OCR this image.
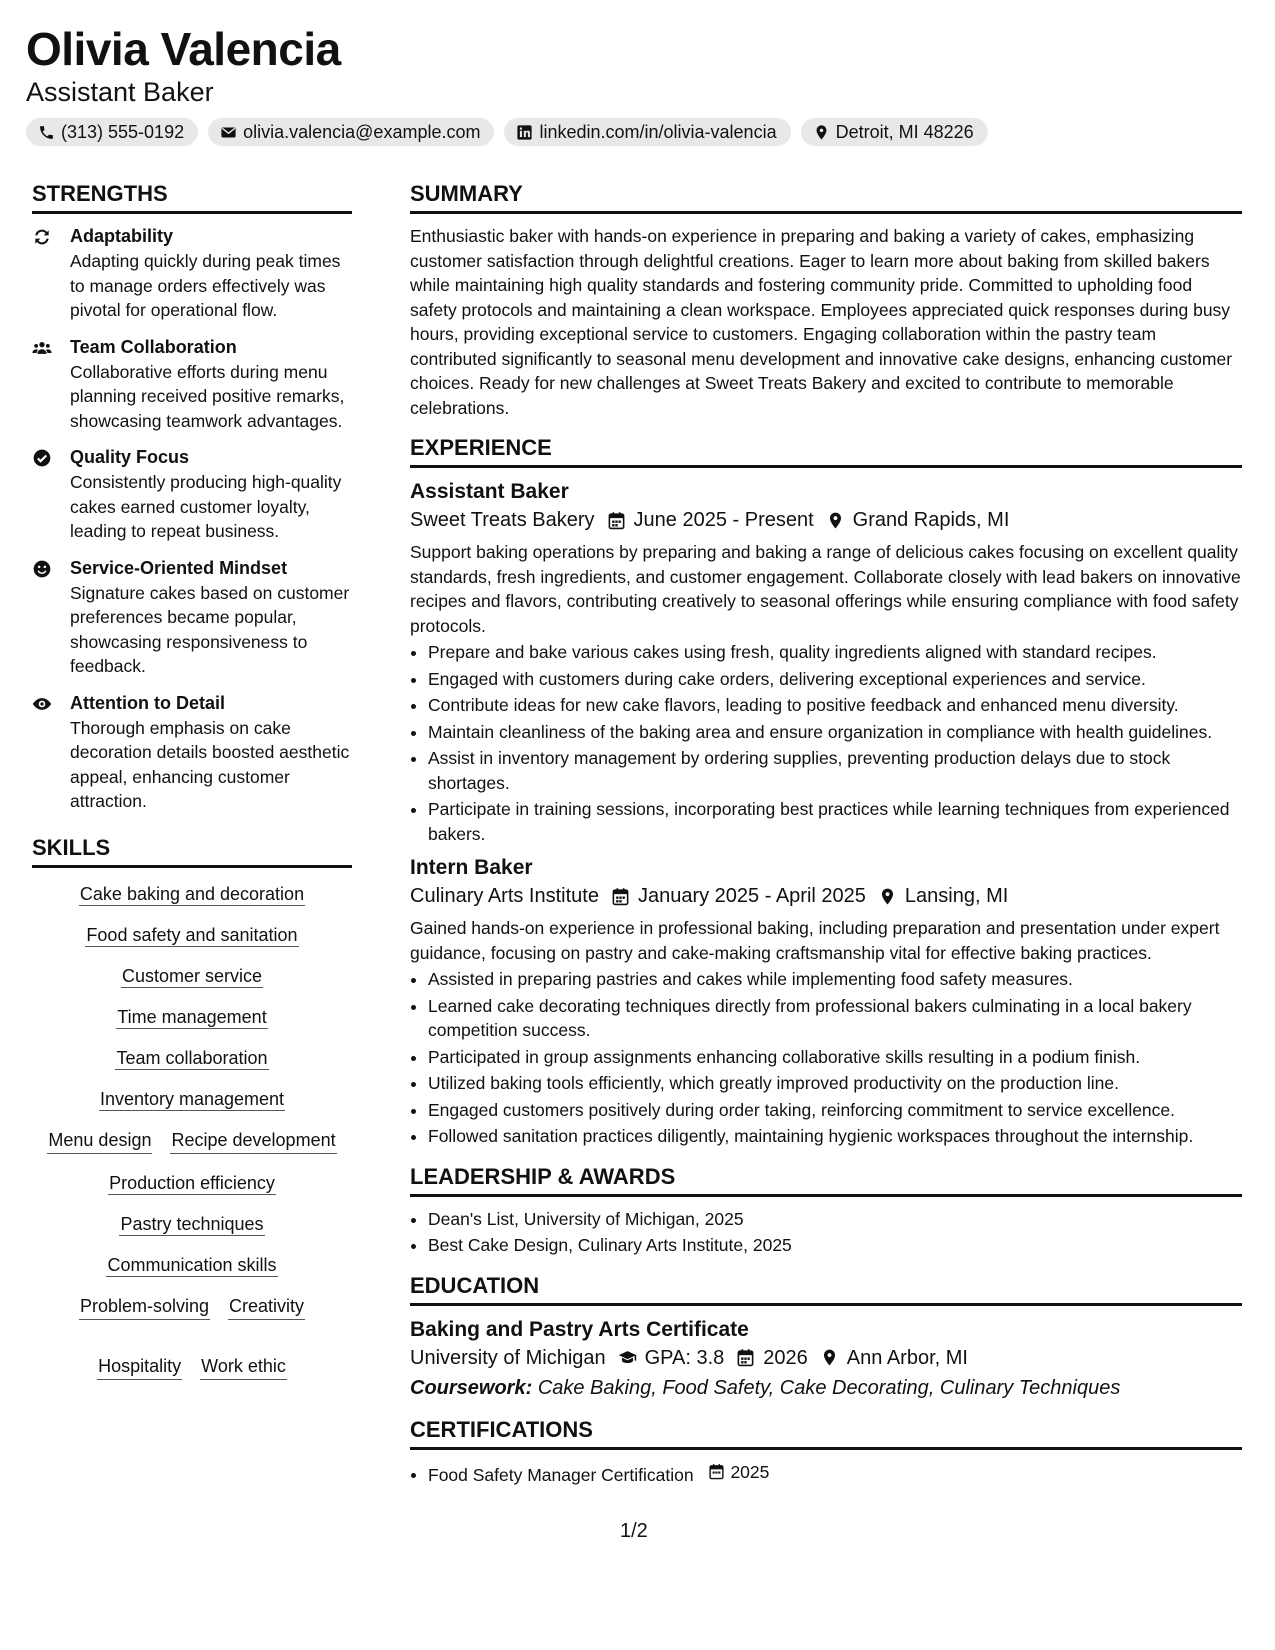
Olivia Valencia
Assistant Baker
(313) 555-0192	olivia.valencia@example.com	linkedin.com/in/olivia-valencia	Detroit, MI 48226
STRENGTHS
Adaptability
Adapting quickly during peak times to manage orders effectively was pivotal for operational flow.
Team Collaboration
Collaborative efforts during menu planning received positive remarks, showcasing teamwork advantages.
Quality Focus
Consistently producing high-quality cakes earned customer loyalty, leading to repeat business.
Service-Oriented Mindset
Signature cakes based on customer preferences became popular, showcasing responsiveness to feedback.
Attention to Detail
Thorough emphasis on cake decoration details boosted aesthetic appeal, enhancing customer attraction.
SKILLS
Cake baking and decoration
Food safety and sanitation
Customer service
Time management
Team collaboration
Inventory management
Menu design Recipe development
Production efficiency
Pastry techniques
Communication skills
Problem-solving Creativity
Hospitality Work ethic
SUMMARY

Enthusiastic baker with hands-on experience in preparing and baking a variety of cakes, emphasizing customer satisfaction through delightful creations. Eager to learn more about baking from skilled bakers while maintaining high quality standards and fostering community pride. Committed to upholding food safety protocols and maintaining a clean workspace. Employees appreciated quick responses during busy hours, providing exceptional service to customers. Engaging collaboration within the pastry team contributed significantly to seasonal menu development and innovative cake designs, enhancing customer choices. Ready for new challenges at Sweet Treats Bakery and excited to contribute to memorable celebrations.

EXPERIENCE
Assistant Baker
Sweet Treats Bakery June 2025 - Present Grand Rapids, MI
Support baking operations by preparing and baking a range of delicious cakes focusing on excellent quality standards, fresh ingredients, and customer engagement. Collaborate closely with lead bakers on innovative recipes and flavors, contributing creatively to seasonal offerings while ensuring compliance with food safety protocols.
• Prepare and bake various cakes using fresh, quality ingredients aligned with standard recipes.
• Engaged with customers during cake orders, delivering exceptional experiences and service.
• Contribute ideas for new cake flavors, leading to positive feedback and enhanced menu diversity.
• Maintain cleanliness of the baking area and ensure organization in compliance with health guidelines.
• Assist in inventory management by ordering supplies, preventing production delays due to stock shortages.
• Participate in training sessions, incorporating best practices while learning techniques from experienced bakers.
Intern Baker
Culinary Arts Institute January 2025 - April 2025 Lansing, MI
Gained hands-on experience in professional baking, including preparation and presentation under expert guidance, focusing on pastry and cake-making craftsmanship vital for effective baking practices.
• Assisted in preparing pastries and cakes while implementing food safety measures.
• Learned cake decorating techniques directly from professional bakers culminating in a local bakery competition success.
• Participated in group assignments enhancing collaborative skills resulting in a podium finish.
• Utilized baking tools efficiently, which greatly improved productivity on the production line.
• Engaged customers positively during order taking, reinforcing commitment to service excellence.
• Followed sanitation practices diligently, maintaining hygienic workspaces throughout the internship.
LEADERSHIP & AWARDS
• Dean's List, University of Michigan, 2025
• Best Cake Design, Culinary Arts Institute, 2025
EDUCATION
Baking and Pastry Arts Certificate
University of Michigan GPA: 3.8 2026 Ann Arbor, MI
Coursework: Cake Baking, Food Safety, Cake Decorating, Culinary Techniques
CERTIFICATIONS
• Food Safety Manager Certification 2025
1/2
